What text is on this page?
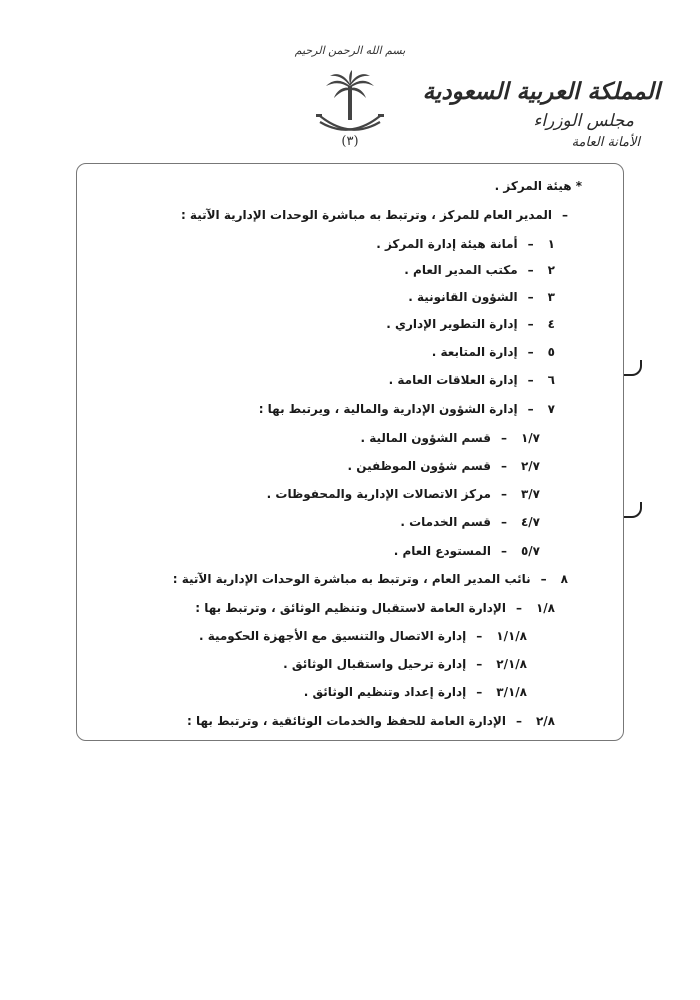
بسم الله الرحمن الرحيم
(٣)
المملكة العربية السعودية
مجلس الوزراء
الأمانة العامة
* هيئة المركز .
–المدير العام للمركز ، وترتبط به مباشرة الوحدات الإدارية الآتية :
١–أمانة هيئة إدارة المركز .
٢–مكتب المدير العام .
٣–الشؤون القانونية .
٤–إدارة التطوير الإداري .
٥–إدارة المتابعة .
٦–إدارة العلاقات العامة .
٧–إدارة الشؤون الإدارية والمالية ، ويرتبط بها :
١/٧–قسم الشؤون المالية .
٢/٧–قسم شؤون الموظفين .
٣/٧–مركز الاتصالات الإدارية والمحفوظات .
٤/٧–قسم الخدمات .
٥/٧–المستودع العام .
٨–نائب المدير العام ، وترتبط به مباشرة الوحدات الإدارية الآتية :
١/٨–الإدارة العامة لاستقبال وتنظيم الوثائق ، وترتبط بها :
١/١/٨–إدارة الاتصال والتنسيق مع الأجهزة الحكومية .
٢/١/٨–إدارة ترحيل واستقبال الوثائق .
٣/١/٨–إدارة إعداد وتنظيم الوثائق .
٢/٨–الإدارة العامة للحفظ والخدمات الوثائقية ، وترتبط بها :
